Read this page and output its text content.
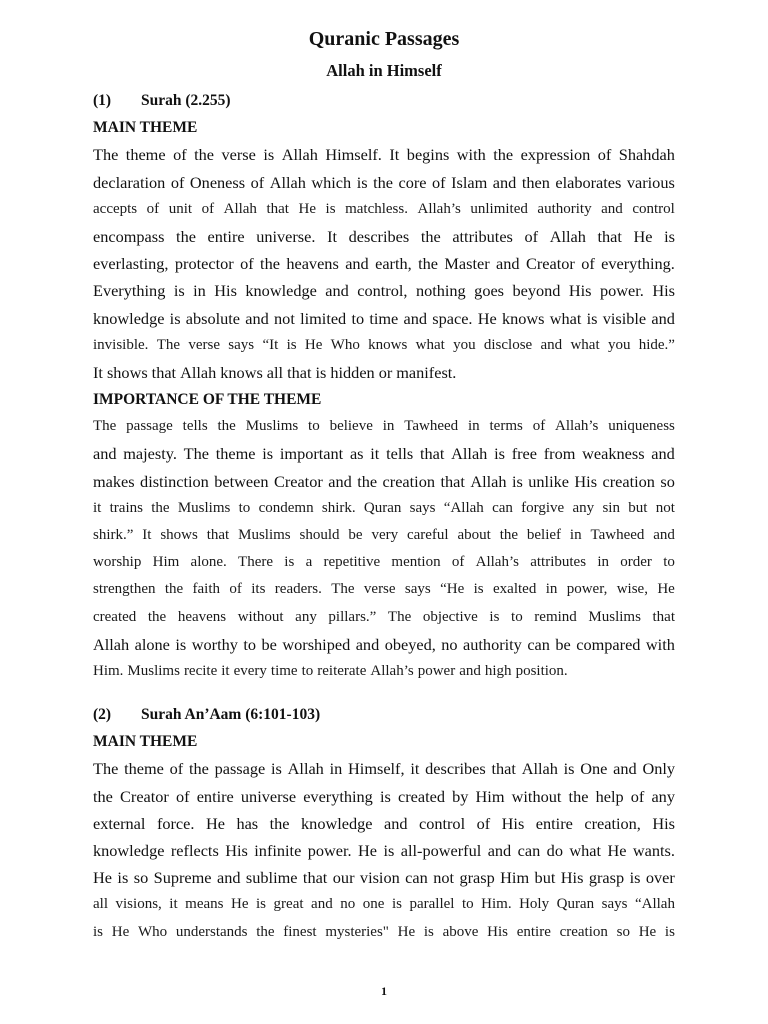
Quranic Passages
Allah in Himself
(1) Surah (2.255)
MAIN THEME
The theme of the verse is Allah Himself. It begins with the expression of Shahdah
declaration of Oneness of Allah which is the core of Islam and then elaborates various
accepts of unit of Allah that He is matchless. Allah’s unlimited authority and control
encompass the entire universe. It describes the attributes of Allah that He is
everlasting, protector of the heavens and earth, the Master and Creator of everything.
Everything is in His knowledge and control, nothing goes beyond His power. His
knowledge is absolute and not limited to time and space. He knows what is visible and
invisible. The verse says “It is He Who knows what you disclose and what you hide.”
It shows that Allah knows all that is hidden or manifest.
IMPORTANCE OF THE THEME
The passage tells the Muslims to believe in Tawheed in terms of Allah’s uniqueness
and majesty. The theme is important as it tells that Allah is free from weakness and
makes distinction between Creator and the creation that Allah is unlike His creation so
it trains the Muslims to condemn shirk. Quran says “Allah can forgive any sin but not
shirk.” It shows that Muslims should be very careful about the belief in Tawheed and
worship Him alone. There is a repetitive mention of Allah’s attributes in order to
strengthen the faith of its readers. The verse says “He is exalted in power, wise, He
created the heavens without any pillars.” The objective is to remind Muslims that
Allah alone is worthy to be worshiped and obeyed, no authority can be compared with
Him. Muslims recite it every time to reiterate Allah’s power and high position.
(2) Surah An’Aam (6:101-103)
MAIN THEME
The theme of the passage is Allah in Himself, it describes that Allah is One and Only
the Creator of entire universe everything is created by Him without the help of any
external force. He has the knowledge and control of His entire creation, His
knowledge reflects His infinite power. He is all-powerful and can do what He wants.
He is so Supreme and sublime that our vision can not grasp Him but His grasp is over
all visions, it means He is great and no one is parallel to Him. Holy Quran says “Allah
is He Who understands the finest mysteries" He is above His entire creation so He is
1
